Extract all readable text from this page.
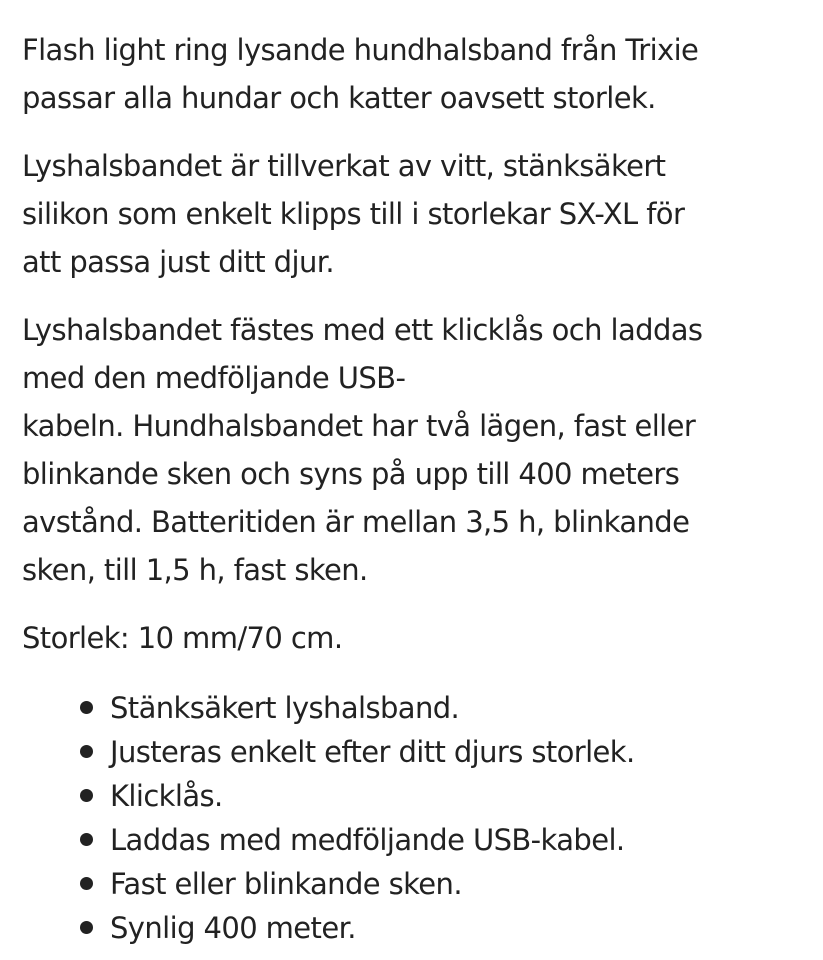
Flash light ring lysande hundhalsband från Trixie
passar alla hundar och katter oavsett storlek.

Lyshalsbandet är tillverkat av vitt, stänksäkert
silikon som enkelt klipps till i storlekar SX-XL för
att passa just ditt djur.

Lyshalsbandet fästes med ett klicklås och laddas
med den medföljande USB-
kabeln. Hundhalsbandet har två lägen, fast eller
blinkande sken och syns på upp till 400 meters
avstånd. Batteritiden är mellan 3,5 h, blinkande
sken, till 1,5 h, fast sken.

Storlek: 10 mm/70 cm.

Stänksäkert lyshalsband.
Justeras enkelt efter ditt djurs storlek.
Klicklås.
Laddas med medföljande USB-kabel.
Fast eller blinkande sken.
Synlig 400 meter.
